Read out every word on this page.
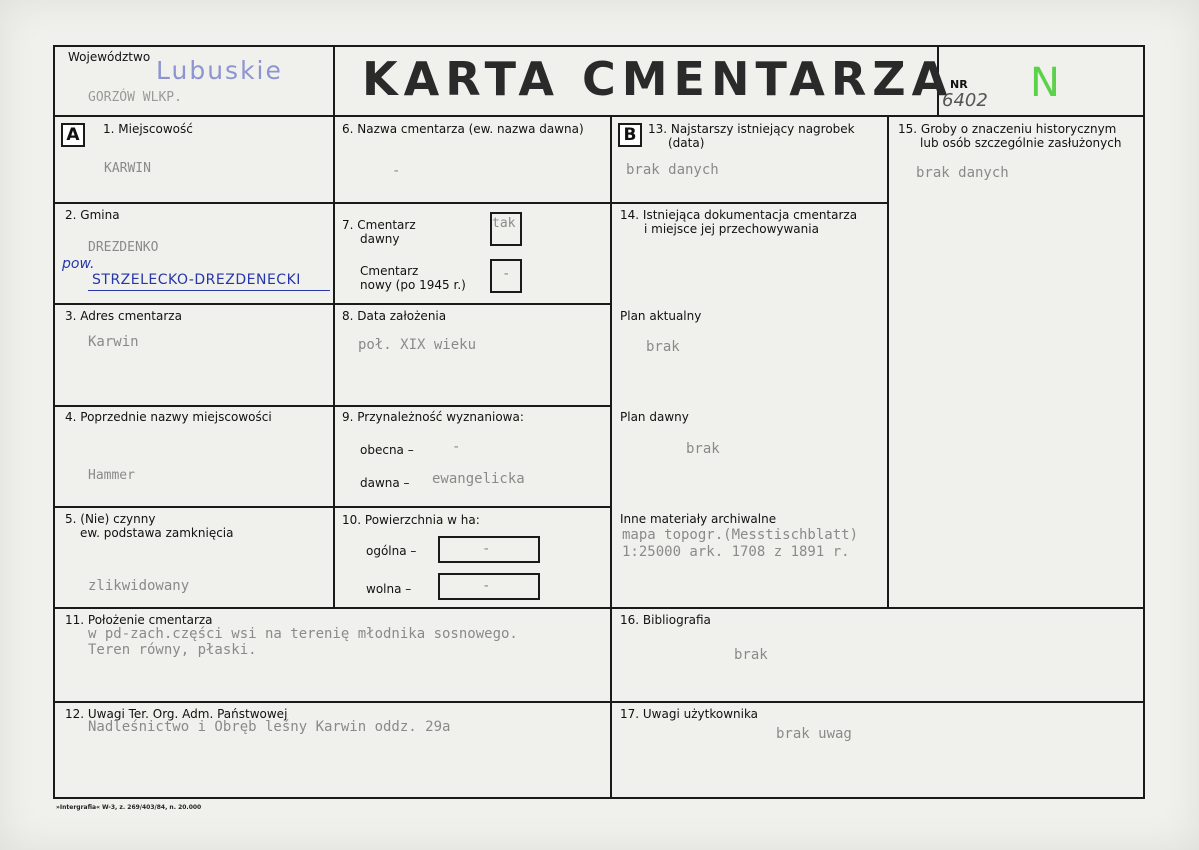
Województwo Lubuskie
GORZÓW WLKP.	KARTA CMENTARZA
NR
6402 N
A	1. Miejscowość
KARWIN
2. Gmina
DREZDENKO
pow.
STRZELECKO-DREZDENECKI
3. Adres cmentarza
Karwin
4. Poprzednie nazwy miejscowości
Hammer
5. (Nie) czynny
ew. podstawa zamknięcia
zlikwidowany
6. Nazwa cmentarza (ew. nazwa dawna)
-
7. Cmentarz
dawny
tak
Cmentarz
nowy (po 1945 r.)
-
8. Data założenia
poł. XIX wieku
9. Przynależność wyznaniowa:
obecna –	-
dawna – ewangelicka
10. Powierzchnia w ha:
ogólna –	-
wolna –	-
B 13. Najstarszy istniejący nagrobek
(data)
brak danych
14. Istniejąca dokumentacja cmentarza
i miejsce jej przechowywania
Plan aktualny
brak
Plan dawny
brak
Inne materiały archiwalne
mapa topogr.(Messtischblatt)
1:25000 ark. 1708 z 1891 r.
15. Groby o znaczeniu historycznym
lub osób szczególnie zasłużonych
brak danych
11. Położenie cmentarza
w pd-zach.części wsi na terenię młodnika sosnowego.
Teren równy, płaski.
16. Bibliografia
brak
12. Uwagi Ter. Org. Adm. Państwowej
Nadleśnictwo i Obręb leśny Karwin oddz. 29a
17. Uwagi użytkownika
brak uwag
»Intergrafia« W-3, z. 269/403/84, n. 20.000
